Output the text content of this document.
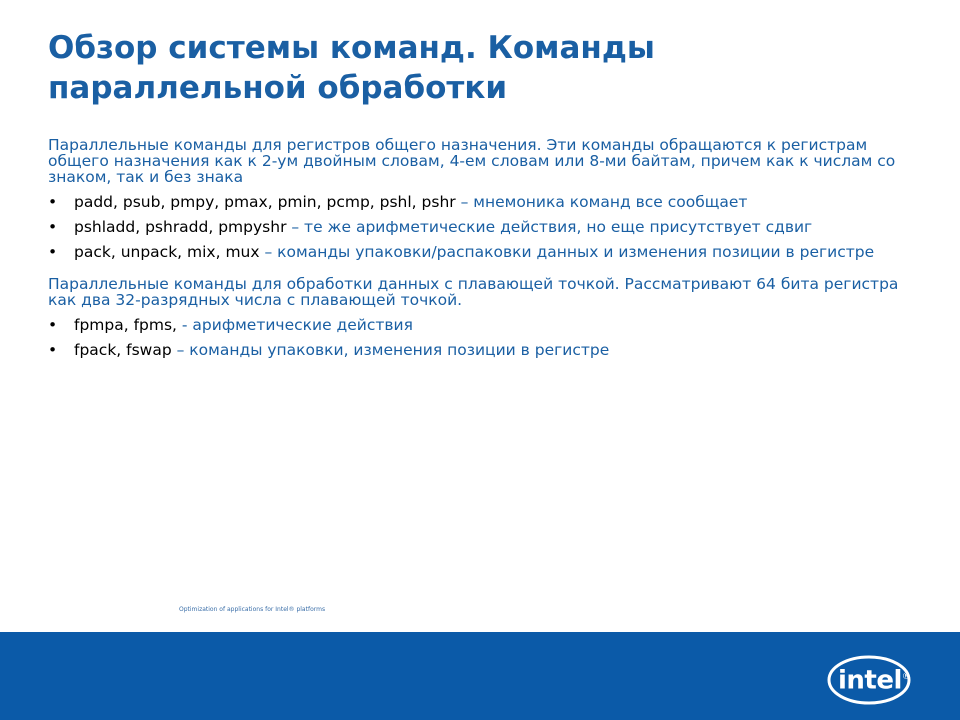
Обзор системы команд. Команды
параллельной обработки

Параллельные команды для регистров общего назначения. Эти команды обращаются к регистрам общего назначения как к 2-ум двойным словам, 4-ем словам или 8-ми байтам, причем как к числам со знаком, так и без знака

• padd, psub, pmpy, pmax, pmin, pcmp, pshl, pshr – мнемоника команд все сообщает
• pshladd, pshradd, pmpyshr – те же арифметические действия, но еще присутствует сдвиг
• pack, unpack, mix, mux – команды упаковки/распаковки данных и изменения позиции в регистре

Параллельные команды для обработки данных с плавающей точкой. Рассматривают 64 бита регистра как два 32-разрядных числа с плавающей точкой.

• fpmpa, fpms, - арифметические действия
• fpack, fswap – команды упаковки, изменения позиции в регистре
Optimization of applications for Intel® platforms
intel®
